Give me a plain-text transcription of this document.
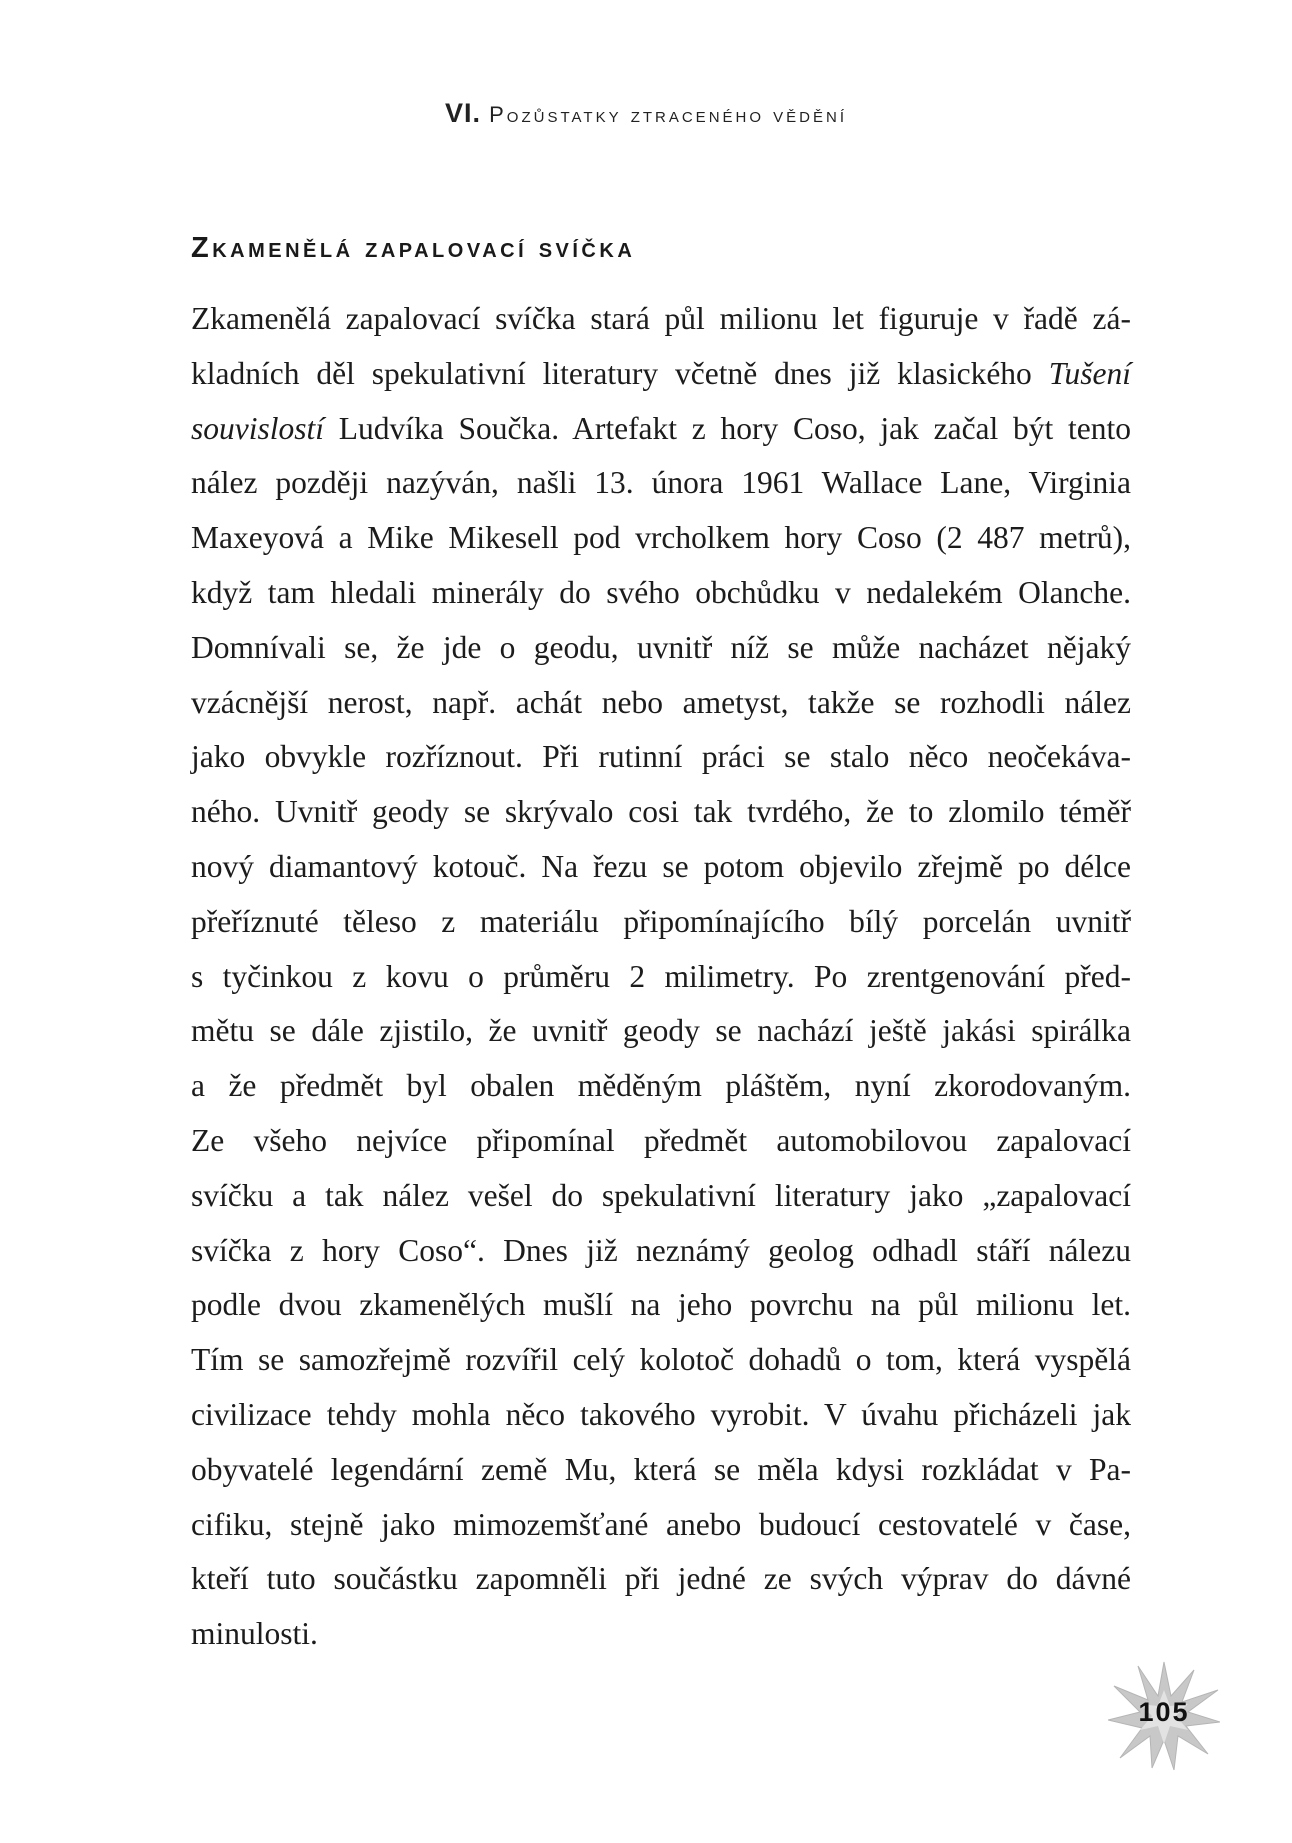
VI. Pozůstatky ztraceného vědění
Zkamenělá zapalovací svíčka
Zkamenělá zapalovací svíčka stará půl milionu let figuruje v řadě zá-
kladních děl spekulativní literatury včetně dnes již klasického Tušení
souvislostí Ludvíka Součka. Artefakt z hory Coso, jak začal být tento
nález později nazýván, našli 13. února 1961 Wallace Lane, Virginia
Maxeyová a Mike Mikesell pod vrcholkem hory Coso (2 487 metrů),
když tam hledali minerály do svého obchůdku v nedalekém Olanche.
Domnívali se, že jde o geodu, uvnitř níž se může nacházet nějaký
vzácnější nerost, např. achát nebo ametyst, takže se rozhodli nález
jako obvykle rozříznout. Při rutinní práci se stalo něco neočekáva-
ného. Uvnitř geody se skrývalo cosi tak tvrdého, že to zlomilo téměř
nový diamantový kotouč. Na řezu se potom objevilo zřejmě po délce
přeříznuté těleso z materiálu připomínajícího bílý porcelán uvnitř
s tyčinkou z kovu o průměru 2 milimetry. Po zrentgenování před-
mětu se dále zjistilo, že uvnitř geody se nachází ještě jakási spirálka
a že předmět byl obalen měděným pláštěm, nyní zkorodovaným.
Ze všeho nejvíce připomínal předmět automobilovou zapalovací
svíčku a tak nález vešel do spekulativní literatury jako „zapalovací
svíčka z hory Coso“. Dnes již neznámý geolog odhadl stáří nálezu
podle dvou zkamenělých mušlí na jeho povrchu na půl milionu let.
Tím se samozřejmě rozvířil celý kolotoč dohadů o tom, která vyspělá
civilizace tehdy mohla něco takového vyrobit. V úvahu přicházeli jak
obyvatelé legendární země Mu, která se měla kdysi rozkládat v Pa-
cifiku, stejně jako mimozemšťané anebo budoucí cestovatelé v čase,
kteří tuto součástku zapomněli při jedné ze svých výprav do dávné
minulosti.
105
